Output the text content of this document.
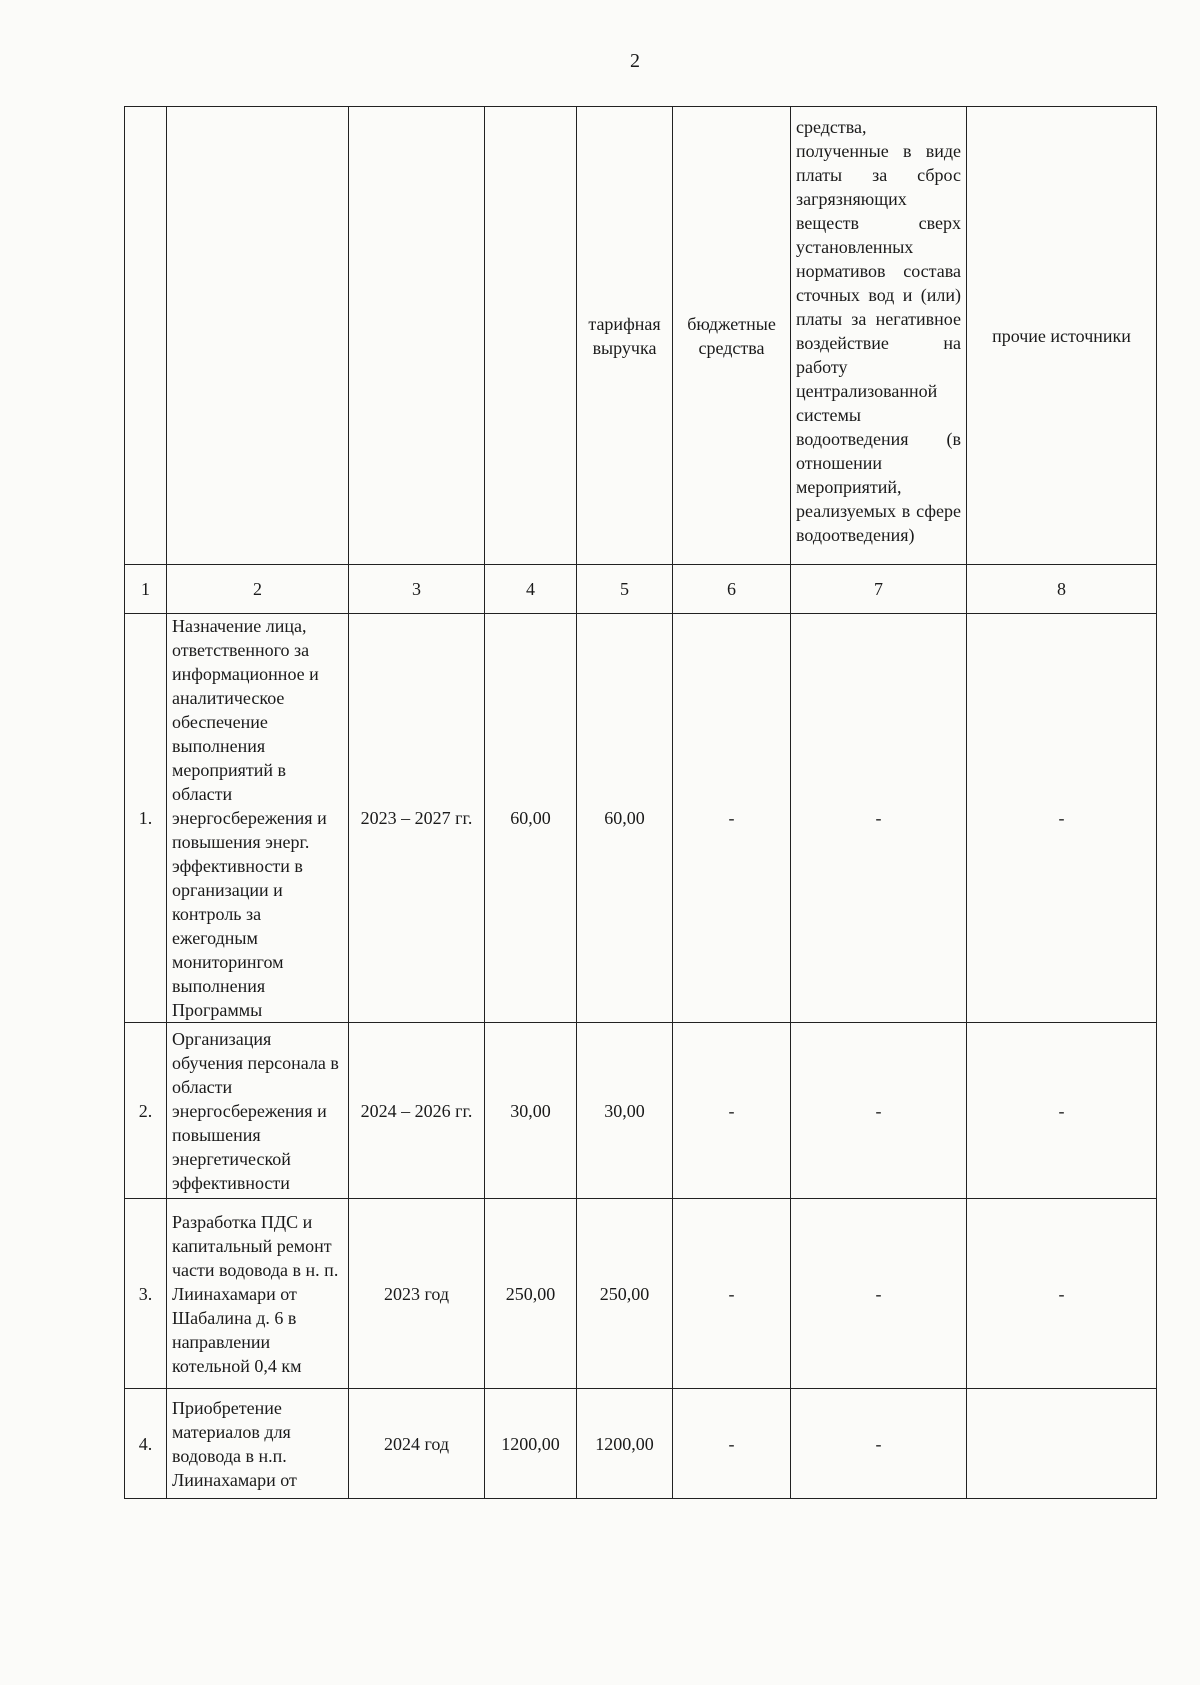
2
				тарифная выручка	бюджетные средства	средства, полученные в виде платы за сброс загрязняющих веществ сверх установленных нормативов состава сточных вод и (или) платы за негативное воздействие на работу централизованной системы водоотведения (в отношении мероприятий, реализуемых в сфере водоотведения)	прочие источники
1	2	3	4	5	6	7	8
1.	Назначение лица, ответственного за информационное и аналитическое обеспечение выполнения мероприятий в области энергосбережения и повышения энерг. эффективности в организации и контроль за ежегодным мониторингом выполнения Программы	2023 – 2027 гг.	60,00	60,00	-	-	-
2.	Организация обучения персонала в области энергосбережения и повышения энергетической эффективности	2024 – 2026 гг.	30,00	30,00	-	-	-
3.	Разработка ПДС и капитальный ремонт части водовода в н. п. Лиинахамари от Шабалина д. 6 в направлении котельной 0,4 км	2023 год	250,00	250,00	-	-	-
4.	Приобретение материалов для водовода в н.п. Лиинахамари от	2024 год	1200,00	1200,00	-	-	
